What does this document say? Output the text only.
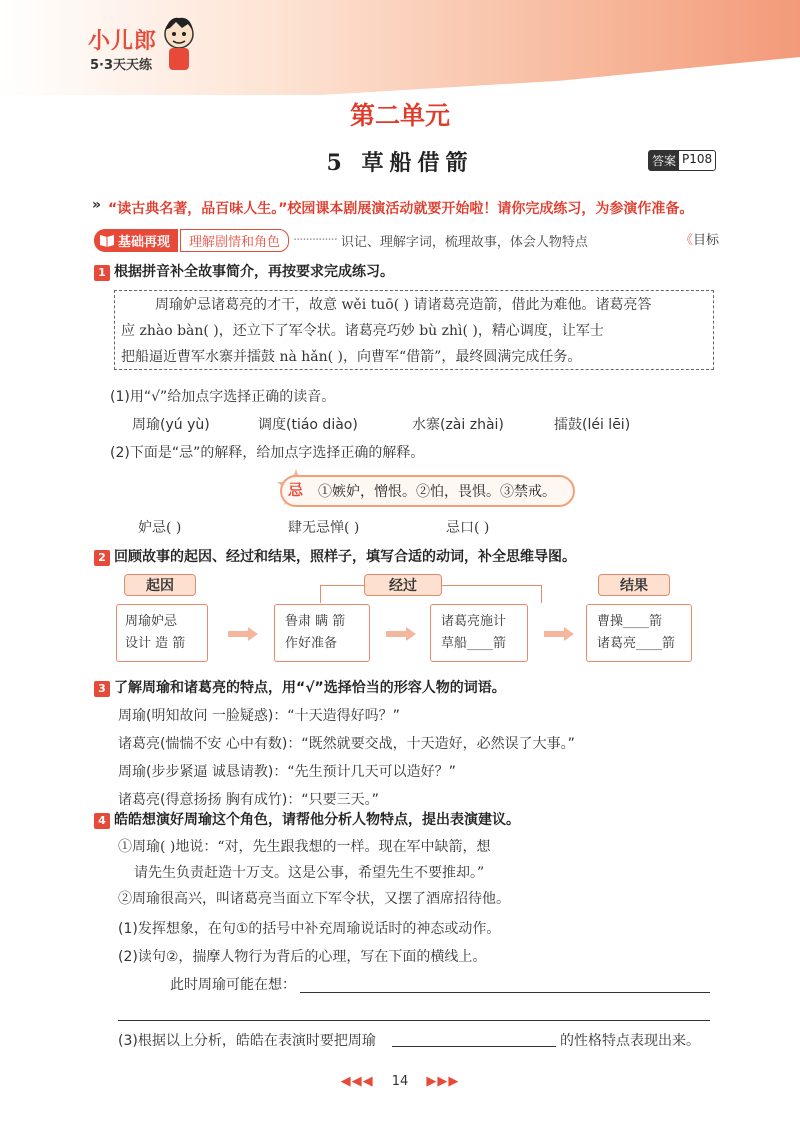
小儿郎
5·3天天练
第二单元
5 草船借箭	答案 P108
» “读古典名著，品百味人生。”校园课本剧展演活动就要开始啦！请你完成练习，为参演作准备。
基础再现	理解剧情和角色	·············· 识记、理解字词，梳理故事，体会人物特点	《目标
1 根据拼音补全故事简介，再按要求完成练习。
周瑜妒忌诸葛亮的才干，故意 wěi tuō( ) 请诸葛亮造箭，借此为难他。诸葛亮答
应 zhào bàn( )，还立下了军令状。诸葛亮巧妙 bù zhì( )，精心调度，让军士
把船逼近曹军水寨并擂鼓 nà hǎn( )，向曹军“借箭”，最终圆满完成任务。
(1)用“√”给加点字选择正确的读音。
周瑜(yú yù)	调度(tiáo diào)	水寨(zài zhài)	擂鼓(léi lēi)
(2)下面是“忌”的解释，给加点字选择正确的解释。
忌	①嫉妒，憎恨。②怕，畏惧。③禁戒。
妒忌( )	肆无忌惮( )	忌口( )
2 回顾故事的起因、经过和结果，照样子，填写合适的动词，补全思维导图。
起因	经过	结果
周瑜妒忌
设计 造 箭
鲁肃 瞒 箭
作好准备
诸葛亮施计
草船____箭
曹操____箭
诸葛亮____箭
3 了解周瑜和诸葛亮的特点，用“√”选择恰当的形容人物的词语。
周瑜(明知故问 一脸疑惑)：“十天造得好吗？”
诸葛亮(惴惴不安 心中有数)：“既然就要交战，十天造好，必然误了大事。”
周瑜(步步紧逼 诚恳请教)：“先生预计几天可以造好？”
诸葛亮(得意扬扬 胸有成竹)：“只要三天。”
4 皓皓想演好周瑜这个角色，请帮他分析人物特点，提出表演建议。
①周瑜( )地说：“对，先生跟我想的一样。现在军中缺箭，想
请先生负责赶造十万支。这是公事，希望先生不要推却。”
②周瑜很高兴，叫诸葛亮当面立下军令状，又摆了酒席招待他。
(1)发挥想象，在句①的括号中补充周瑜说话时的神态或动作。
(2)读句②，揣摩人物行为背后的心理，写在下面的横线上。
此时周瑜可能在想：
(3)根据以上分析，皓皓在表演时要把周瑜	的性格特点表现出来。
◀◀◀ 14 ▶▶▶
